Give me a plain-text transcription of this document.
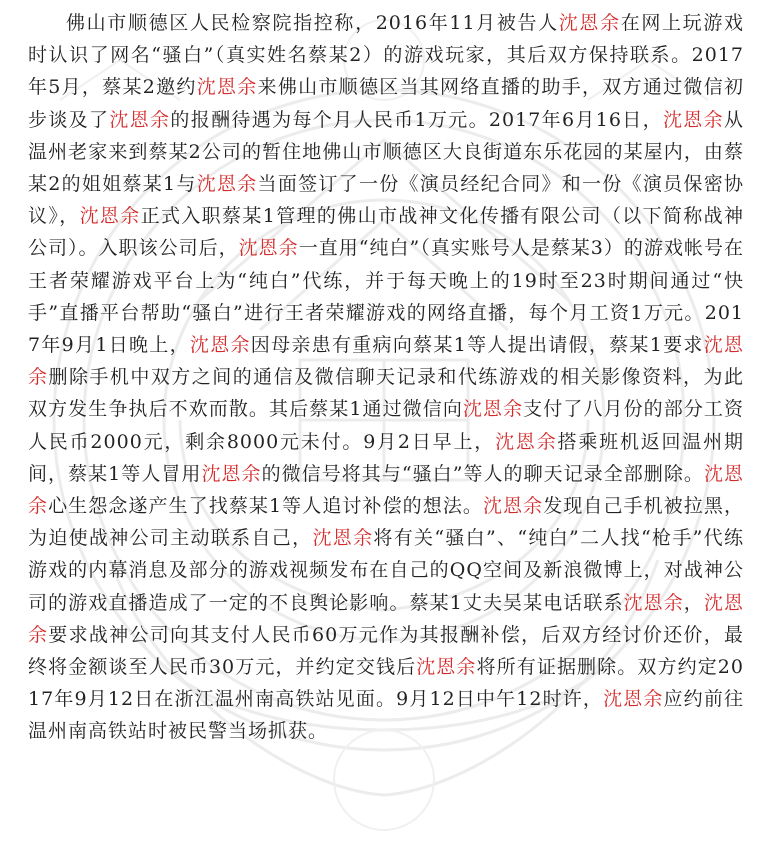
佛山市顺德区人民检察院指控称，2016年11月被告人沈恩余在网上玩游戏时认识了网名“骚白”（真实姓名蔡某2）的游戏玩家，其后双方保持联系。2017年5月，蔡某2邀约沈恩余来佛山市顺德区当其网络直播的助手，双方通过微信初步谈及了沈恩余的报酬待遇为每个月人民币1万元。2017年6月16日，沈恩余从温州老家来到蔡某2公司的暂住地佛山市顺德区大良街道东乐花园的某屋内，由蔡某2的姐姐蔡某1与沈恩余当面签订了一份《演员经纪合同》和一份《演员保密协议》，沈恩余正式入职蔡某1管理的佛山市战神文化传播有限公司（以下简称战神公司）。入职该公司后，沈恩余一直用“纯白”（真实账号人是蔡某3）的游戏帐号在王者荣耀游戏平台上为“纯白”代练，并于每天晚上的19时至23时期间通过“快手”直播平台帮助“骚白”进行王者荣耀游戏的网络直播，每个月工资1万元。2017年9月1日晚上，沈恩余因母亲患有重病向蔡某1等人提出请假，蔡某1要求沈恩余删除手机中双方之间的通信及微信聊天记录和代练游戏的相关影像资料，为此双方发生争执后不欢而散。其后蔡某1通过微信向沈恩余支付了八月份的部分工资人民币2000元，剩余8000元未付。9月2日早上，沈恩余搭乘班机返回温州期间，蔡某1等人冒用沈恩余的微信号将其与“骚白”等人的聊天记录全部删除。沈恩余心生怨念遂产生了找蔡某1等人追讨补偿的想法。沈恩余发现自己手机被拉黑，为迫使战神公司主动联系自己，沈恩余将有关“骚白”、“纯白”二人找“枪手”代练游戏的内幕消息及部分的游戏视频发布在自己的QQ空间及新浪微博上，对战神公司的游戏直播造成了一定的不良舆论影响。蔡某1丈夫吴某电话联系沈恩余，沈恩余要求战神公司向其支付人民币60万元作为其报酬补偿，后双方经讨价还价，最终将金额谈至人民币30万元，并约定交钱后沈恩余将所有证据删除。双方约定2017年9月12日在浙江温州南高铁站见面。9月12日中午12时许，沈恩余应约前往温州南高铁站时被民警当场抓获。
